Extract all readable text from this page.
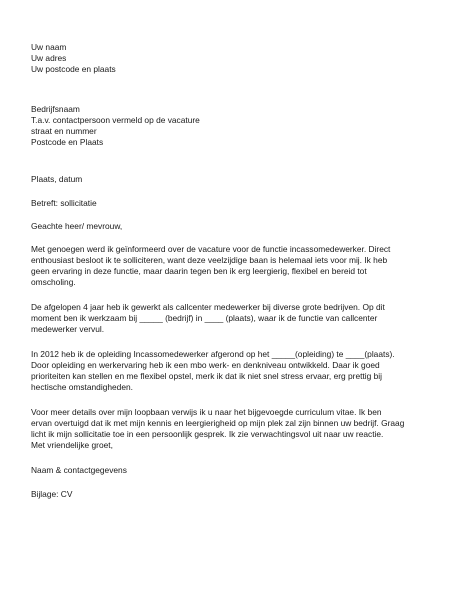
Uw naam
Uw adres
Uw postcode en plaats
Bedrijfsnaam
T.a.v. contactpersoon vermeld op de vacature
straat en nummer
Postcode en Plaats
Plaats, datum
Betreft: sollicitatie
Geachte heer/ mevrouw,
Met genoegen werd ik geïnformeerd over de vacature voor de functie incassomedewerker. Direct
enthousiast besloot ik te solliciteren, want deze veelzijdige baan is helemaal iets voor mij. Ik heb
geen ervaring in deze functie, maar daarin tegen ben ik erg leergierig, flexibel en bereid tot
omscholing.
De afgelopen 4 jaar heb ik gewerkt als callcenter medewerker bij diverse grote bedrijven. Op dit
moment ben ik werkzaam bij _____ (bedrijf) in ____ (plaats), waar ik de functie van callcenter
medewerker vervul.
In 2012 heb ik de opleiding Incassomedewerker afgerond op het _____(opleiding) te ____(plaats).
Door opleiding en werkervaring heb ik een mbo werk- en denkniveau ontwikkeld. Daar ik goed
prioriteiten kan stellen en me flexibel opstel, merk ik dat ik niet snel stress ervaar, erg prettig bij
hectische omstandigheden.
Voor meer details over mijn loopbaan verwijs ik u naar het bijgevoegde curriculum vitae. Ik ben
ervan overtuigd dat ik met mijn kennis en leergierigheid op mijn plek zal zijn binnen uw bedrijf. Graag
licht ik mijn sollicitatie toe in een persoonlijk gesprek. Ik zie verwachtingsvol uit naar uw reactie.
Met vriendelijke groet,
Naam & contactgegevens
Bijlage: CV
